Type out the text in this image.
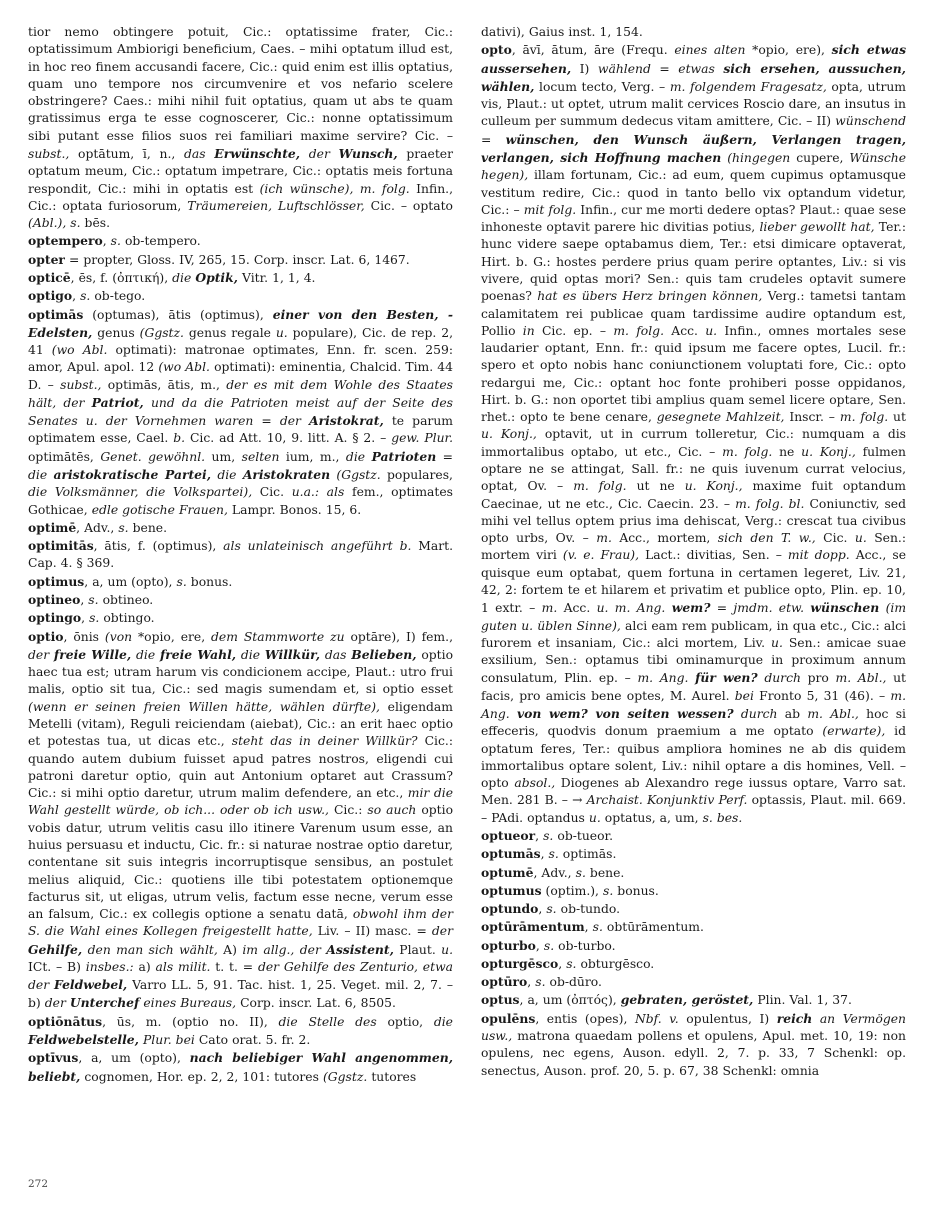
tior nemo obtingere potuit, Cic.: optatissime frater, Cic.: optatissimum Ambiorigi beneficium, Caes. – mihi optatum illud est, in hoc reo finem accusandi facere, Cic.: quid enim est illis optatius, quam uno tempore nos circumvenire et vos nefario scelere obstringere? Caes.: mihi nihil fuit optatius, quam ut abs te quam gratissimus erga te esse cognoscerer, Cic.: nonne optatissimum sibi putant esse filios suos rei familiari maxime servire? Cic. – subst., optātum, ī, n., das Erwünschte, der Wunsch, praeter optatum meum, Cic.: optatum impetrare, Cic.: optatis meis fortuna respondit, Cic.: mihi in optatis est (ich wünsche), m. folg. Infin., Cic.: optata furiosorum, Träumereien, Luftschlösser, Cic. – optato (Abl.), s. bēs.

optempero, s. ob-tempero.

opter = propter, Gloss. IV, 265, 15. Corp. inscr. Lat. 6, 1467.

opticē, ēs, f. (ὀπτική), die Optik, Vitr. 1, 1, 4.

optigo, s. ob-tego.

optimās (optumas), ātis (optimus), einer von den Besten, -Edelsten, genus (Ggstz. genus regale u. populare), Cic. de rep. 2, 41 (wo Abl. optimati): matronae optimates, Enn. fr. scen. 259: amor, Apul. apol. 12 (wo Abl. optimati): eminentia, Chalcid. Tim. 44 D. – subst., optimās, ātis, m., der es mit dem Wohle des Staates hält, der Patriot, und da die Patrioten meist auf der Seite des Senates u. der Vornehmen waren = der Aristokrat, te parum optimatem esse, Cael. b. Cic. ad Att. 10, 9. litt. A. § 2. – gew. Plur. optimātēs, Genet. gewöhnl. um, selten ium, m., die Patrioten = die aristokratische Partei, die Aristokraten (Ggstz. populares, die Volksmänner, die Volkspartei), Cic. u.a.: als fem., optimates Gothicae, edle gotische Frauen, Lampr. Bonos. 15, 6.

optimē, Adv., s. bene.

optimitās, ātis, f. (optimus), als unlateinisch angeführt b. Mart. Cap. 4. § 369.

optimus, a, um (opto), s. bonus.

optineo, s. obtineo.

optingo, s. obtingo.

optio, ōnis (von *opio, ere, dem Stammworte zu optāre), I) fem., der freie Wille, die freie Wahl, die Willkür, das Belieben, optio haec tua est; utram harum vis condicionem accipe, Plaut.: utro frui malis, optio sit tua, Cic.: sed magis sumendam et, si optio esset (wenn er seinen freien Willen hätte, wählen dürfte), eligendam Metelli (vitam), Reguli reiciendam (aiebat), Cic.: an erit haec optio et potestas tua, ut dicas etc., steht das in deiner Willkür? Cic.: quando autem dubium fuisset apud patres nostros, eligendi cui patroni daretur optio, quin aut Antonium optaret aut Crassum? Cic.: si mihi optio daretur, utrum malim defendere, an etc., mir die Wahl gestellt würde, ob ich... oder ob ich usw., Cic.: so auch optio vobis datur, utrum velitis casu illo itinere Varenum usum esse, an huius persuasu et inductu, Cic. fr.: si naturae nostrae optio daretur, contentane sit suis integris incorruptisque sensibus, an postulet melius aliquid, Cic.: quotiens ille tibi potestatem optionemque facturus sit, ut eligas, utrum velis, factum esse necne, verum esse an falsum, Cic.: ex collegis optione a senatu datā, obwohl ihm der S. die Wahl eines Kollegen freigestellt hatte, Liv. – II) masc. = der Gehilfe, den man sich wählt, A) im allg., der Assistent, Plaut. u. ICt. – B) insbes.: a) als milit. t. t. = der Gehilfe des Zenturio, etwa der Feldwebel, Varro LL. 5, 91. Tac. hist. 1, 25. Veget. mil. 2, 7. – b) der Unterchef eines Bureaus, Corp. inscr. Lat. 6, 8505.

optiōnātus, ūs, m. (optio no. II), die Stelle des optio, die Feldwebelstelle, Plur. bei Cato orat. 5. fr. 2.

optīvus, a, um (opto), nach beliebiger Wahl angenommen, beliebt, cognomen, Hor. ep. 2, 2, 101: tutores (Ggstz. tutores

dativi), Gaius inst. 1, 154.

opto, āvī, ātum, āre (Frequ. eines alten *opio, ere), sich etwas aussersehen, I) wählend = etwas sich ersehen, aussuchen, wählen, locum tecto, Verg. – m. folgendem Fragesatz, opta, utrum vis, Plaut.: ut optet, utrum malit cervices Roscio dare, an insutus in culleum per summum dedecus vitam amittere, Cic. – II) wünschend = wünschen, den Wunsch äußern, Verlangen tragen, verlangen, sich Hoffnung machen (hingegen cupere, Wünsche hegen), illam fortunam, Cic.: ad eum, quem cupimus optamusque vestitum redire, Cic.: quod in tanto bello vix optandum videtur, Cic.: – mit folg. Infin., cur me morti dedere optas? Plaut.: quae sese inhoneste optavit parere hic divitias potius, lieber gewollt hat, Ter.: hunc videre saepe optabamus diem, Ter.: etsi dimicare optaverat, Hirt. b. G.: hostes perdere prius quam perire optantes, Liv.: si vis vivere, quid optas mori? Sen.: quis tam crudeles optavit sumere poenas? hat es übers Herz bringen können, Verg.: tametsi tantam calamitatem rei publicae quam tardissime audire optandum est, Pollio in Cic. ep. – m. folg. Acc. u. Infin., omnes mortales sese laudarier optant, Enn. fr.: quid ipsum me facere optes, Lucil. fr.: spero et opto nobis hanc coniunctionem voluptati fore, Cic.: opto redargui me, Cic.: optant hoc fonte prohiberi posse oppidanos, Hirt. b. G.: non oportet tibi amplius quam semel licere optare, Sen. rhet.: opto te bene cenare, gesegnete Mahlzeit, Inscr. – m. folg. ut u. Konj., optavit, ut in currum tolleretur, Cic.: numquam a dis immortalibus optabo, ut etc., Cic. – m. folg. ne u. Konj., fulmen optare ne se attingat, Sall. fr.: ne quis iuvenum currat velocius, optat, Ov. – m. folg. ut ne u. Konj., maxime fuit optandum Caecinae, ut ne etc., Cic. Caecin. 23. – m. folg. bl. Coniunctiv, sed mihi vel tellus optem prius ima dehiscat, Verg.: crescat tua civibus opto urbs, Ov. – m. Acc., mortem, sich den T. w., Cic. u. Sen.: mortem viri (v. e. Frau), Lact.: divitias, Sen. – mit dopp. Acc., se quisque eum optabat, quem fortuna in certamen legeret, Liv. 21, 42, 2: fortem te et hilarem et privatim et publice opto, Plin. ep. 10, 1 extr. – m. Acc. u. m. Ang. wem? = jmdm. etw. wünschen (im guten u. üblen Sinne), alci eam rem publicam, in qua etc., Cic.: alci furorem et insaniam, Cic.: alci mortem, Liv. u. Sen.: amicae suae exsilium, Sen.: optamus tibi ominamurque in proximum annum consulatum, Plin. ep. – m. Ang. für wen? durch pro m. Abl., ut facis, pro amicis bene optes, M. Aurel. bei Fronto 5, 31 (46). – m. Ang. von wem? von seiten wessen? durch ab m. Abl., hoc si effeceris, quodvis donum praemium a me optato (erwarte), id optatum feres, Ter.: quibus ampliora homines ne ab dis quidem immortalibus optare solent, Liv.: nihil optare a dis homines, Vell. – opto absol., Diogenes ab Alexandro rege iussus optare, Varro sat. Men. 281 B. – → Archaist. Konjunktiv Perf. optassis, Plaut. mil. 669. – PAdi. optandus u. optatus, a, um, s. bes.

optueor, s. ob-tueor.

optumās, s. optimās.

optumē, Adv., s. bene.

optumus (optim.), s. bonus.

optundo, s. ob-tundo.

optūrāmentum, s. obtūrāmentum.

opturbo, s. ob-turbo.

opturgēsco, s. obturgēsco.

optūro, s. ob-dūro.

optus, a, um (ὀπτός), gebraten, geröstet, Plin. Val. 1, 37.

opulēns, entis (opes), Nbf. v. opulentus, I) reich an Vermögen usw., matrona quaedam pollens et opulens, Apul. met. 10, 19: non opulens, nec egens, Auson. edyll. 2, 7. p. 33, 7 Schenkl: op. senectus, Auson. prof. 20, 5. p. 67, 38 Schenkl: omnia

272
